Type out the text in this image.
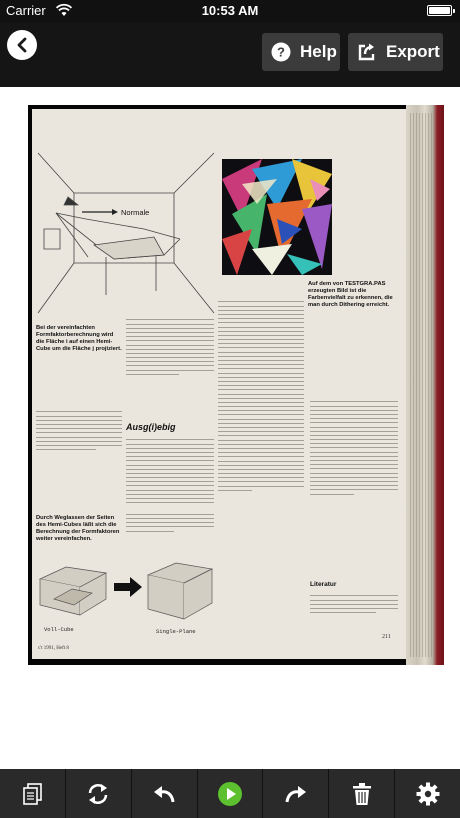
Carrier	10:53 AM
? Help	Export
Normale
Voll-Cube	Single-Plane
Bei der vereinfachten Formfaktorberechnung wird die Fläche i auf einen Hemi-Cube um die Fläche j projiziert.
Auf dem von TESTGRA.PAS erzeugten Bild ist die Farbenvielfalt zu erkennen, die man durch Dithering erreicht.
Durch Weglassen der Seiten des Hemi-Cubes läßt sich die Berechnung der Formfaktoren weiter vereinfachen.
Ausg(i)ebig
Literatur
211
c't 1991, Heft 8
